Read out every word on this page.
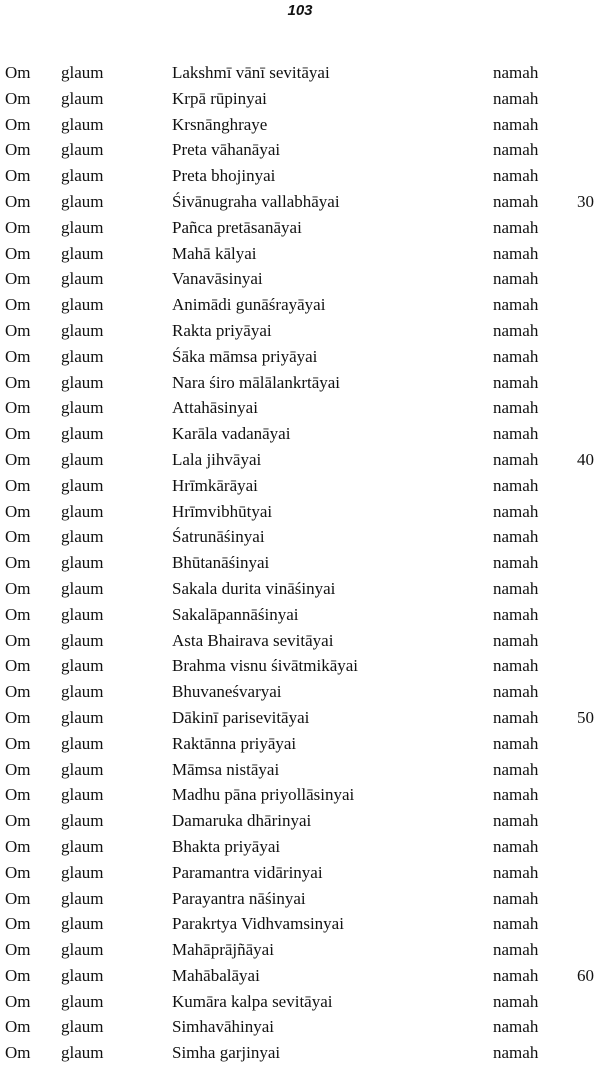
103
Om glaum	Lakshmī vānī sevitāyai	namah
Om glaum	Krpā rūpinyai	namah
Om glaum	Krsnānghraye	namah
Om glaum	Preta vāhanāyai	namah
Om glaum	Preta bhojinyai	namah
Om glaum	Śivānugraha vallabhāyai	namah 30
Om glaum	Pañca pretāsanāyai	namah
Om glaum	Mahā kālyai	namah
Om glaum	Vanavāsinyai	namah
Om glaum	Animādi gunāśrayāyai	namah
Om glaum	Rakta priyāyai	namah
Om glaum	Śāka māmsa priyāyai	namah
Om glaum	Nara śiro mālālankrtāyai	namah
Om glaum	Attahāsinyai	namah
Om glaum	Karāla vadanāyai	namah
Om glaum	Lala jihvāyai	namah 40
Om glaum	Hrīmkārāyai	namah
Om glaum	Hrīmvibhūtyai	namah
Om glaum	Śatrunāśinyai	namah
Om glaum	Bhūtanāśinyai	namah
Om glaum	Sakala durita vināśinyai	namah
Om glaum	Sakalāpannāśinyai	namah
Om glaum	Asta Bhairava sevitāyai	namah
Om glaum	Brahma visnu śivātmikāyai	namah
Om glaum	Bhuvaneśvaryai	namah
Om glaum	Dākinī parisevitāyai	namah 50
Om glaum	Raktānna priyāyai	namah
Om glaum	Māmsa nistāyai	namah
Om glaum	Madhu pāna priyollāsinyai	namah
Om glaum	Damaruka dhārinyai	namah
Om glaum	Bhakta priyāyai	namah
Om glaum	Paramantra vidārinyai	namah
Om glaum	Parayantra nāśinyai	namah
Om glaum	Parakrtya Vidhvamsinyai	namah
Om glaum	Mahāprājñāyai	namah
Om glaum	Mahābalāyai	namah 60
Om glaum	Kumāra kalpa sevitāyai	namah
Om glaum	Simhavāhinyai	namah
Om glaum	Simha garjinyai	namah
